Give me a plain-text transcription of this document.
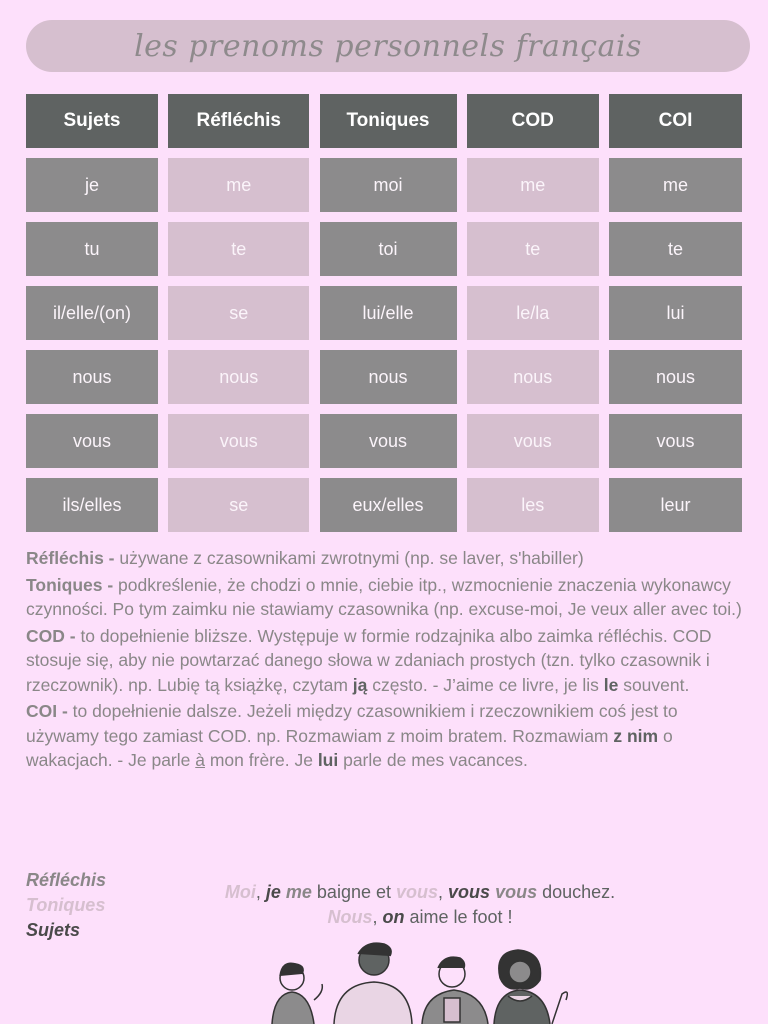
les prenoms personnels français
Sujets	Réfléchis	Toniques	COD	COI
je	me	moi	me	me
tu	te	toi	te	te
il/elle/(on)	se	lui/elle	le/la	lui
nous	nous	nous	nous	nous
vous	vous	vous	vous	vous
ils/elles	se	eux/elles	les	leur

Réfléchis - używane z czasownikami zwrotnymi (np. se laver, s'habiller)

Toniques - podkreślenie, że chodzi o mnie, ciebie itp., wzmocnienie znaczenia wykonawcy czynności. Po tym zaimku nie stawiamy czasownika (np. excuse-moi, Je veux aller avec toi.)

COD - to dopełnienie bliższe. Występuje w formie rodzajnika albo zaimka réfléchis. COD stosuje się, aby nie powtarzać danego słowa w zdaniach prostych (tzn. tylko czasownik i rzeczownik). np. Lubię tą książkę, czytam ją często. - J’aime ce livre, je lis le souvent.

COI - to dopełnienie dalsze. Jeżeli między czasownikiem i rzeczownikiem coś jest to używamy tego zamiast COD. np. Rozmawiam z moim bratem. Rozmawiam z nim o wakacjach. - Je parle à mon frère. Je lui parle de mes vacances.

Réfléchis
Toniques
Sujets
Moi, je me baigne et vous, vous vous douchez.
Nous, on aime le foot !
